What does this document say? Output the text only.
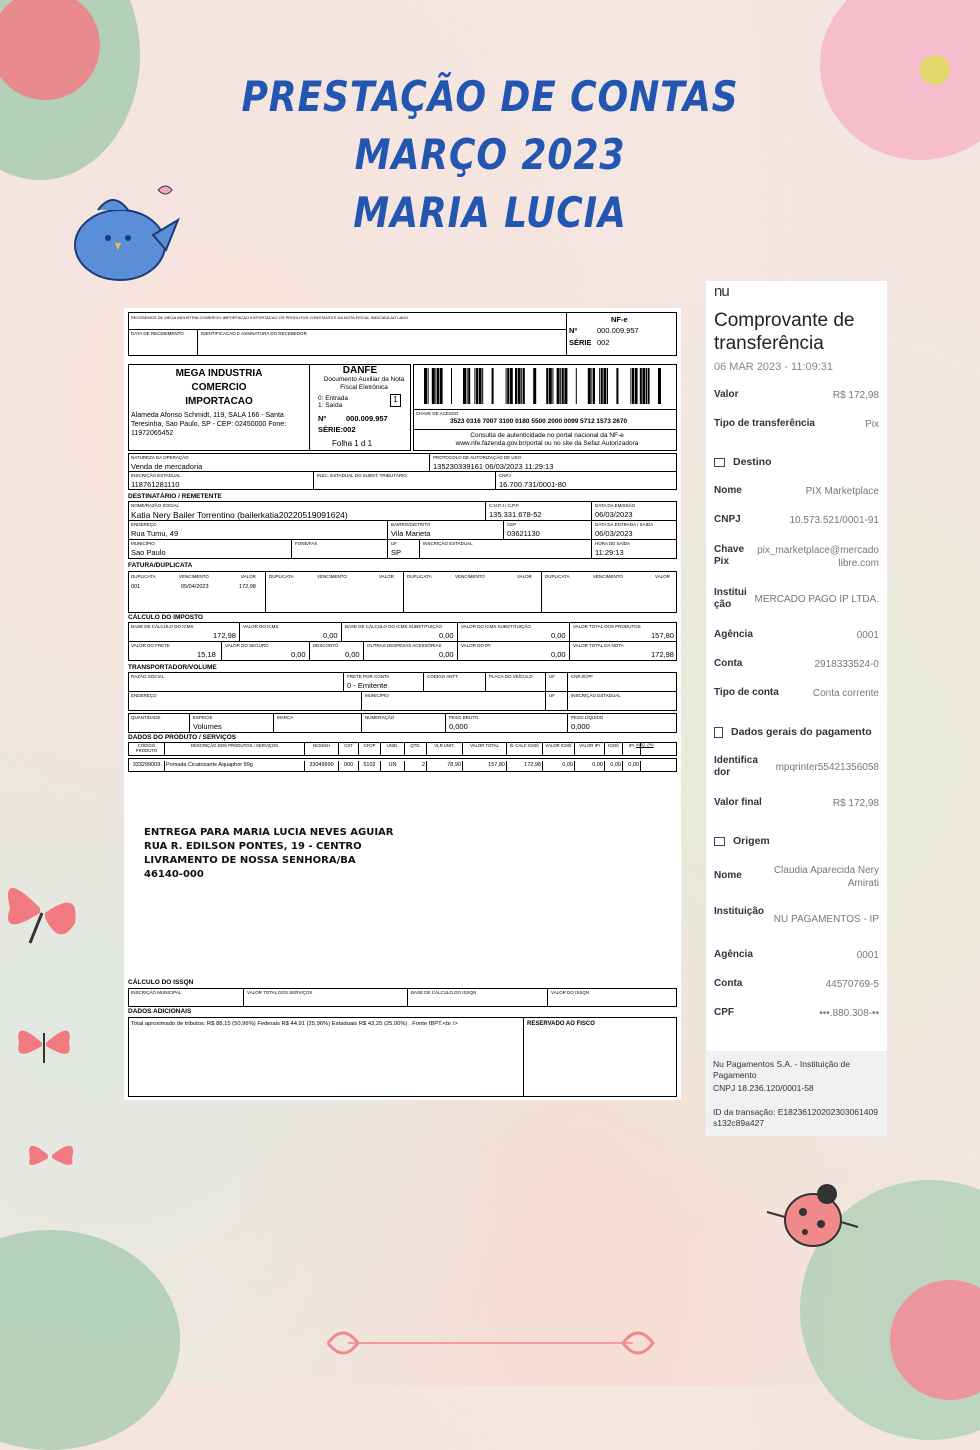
PRESTAÇÃO DE CONTAS
MARÇO 2023
MARIA LUCIA
RECEBEMOS DE MEGA INDUSTRIA COMERCIO IMPORTACAO EXPORTACAO OS PRODUTOS CONSTANTES DA NOTA FISCAL INDICADA AO LADO
DATA DE RECEBIMENTO	IDENTIFICACAO E ASSINATURA DO RECEBEDOR
NF-e
Nº	000.009.957
SÉRIE 002
MEGA INDUSTRIA COMERCIO IMPORTACAO
Alameda Afonso Schmidt, 119, SALA 166 - Santa Teresinha, Sao Paulo, SP - CEP: 02450000 Fone: 11972065452
DANFE
Documento Auxiliar da Nota Fiscal Eletrônica
0: Entrada
1: Saída
1
Nº	000.009.957
SÉRIE:002
Folha 1 d 1
CHAVE DE ACESSO
3523 0316 7007 3100 0180 5500 2000 0099 5712 1573 2670
Consulta de autenticidade no portal nacional da NF-e www.nfe.fazenda.gov.br/portal ou no site da Sefaz Autorizadora
NATUREZA DA OPERAÇÃO
Venda de mercadoria
PROTOCOLO DE AUTORIZAÇÃO DE USO
135230339161 06/03/2023 11:29:13
INSCRIÇÃO ESTADUAL
118761281110
INSC. ESTADUAL DO SUBST. TRIBUTÁRIO	CNPJ
16.700.731/0001-80
DESTINATÁRIO / REMETENTE
NOME/RAZÃO SOCIAL
Katia Nery Bailer Torrentino (bailerkatia20220519091624)
C.N.P.J / C.P.F.
135.331.678-52
DATA DA EMISSÃO
06/03/2023
ENDEREÇO
Rua Tumu, 49
BAIRRO/DISTRITO
Vila Marieta
CEP
03621130
DATA DA ENTRADA / SAÍDA
06/03/2023
MUNICÍPIO
Sao Paulo
FONE/FAX	UF
SP
INSCRIÇÃO ESTADUAL	HORA DE SAÍDA
11:29:13
FATURA/DUPLICATA
DUPLICATA	VENCIMENTO	VALOR	DUPLICATA	VENCIMENTO	VALOR	DUPLICATA	VENCIMENTO	VALOR	DUPLICATA	VENCIMENTO	VALOR
001	05/04/2023	172,98
CÁLCULO DO IMPOSTO
BASE DE CÁLCULO DO ICMS
172,98
VALOR DO ICMS
0,00
BASE DE CÁLCULO DO ICMS SUBSTITUIÇÃO
0,00
VALOR DO ICMS SUBSTITUIÇÃO
0,00
VALOR TOTAL DOS PRODUTOS
157,80
VALOR DO FRETE
15,18
VALOR DO SEGURO
0,00
DESCONTO
0,00
OUTRAS DESPESAS ACESSÓRIAS
0,00
VALOR DO IPI
0,00
VALOR TOTAL DA NOTA
172,98
TRANSPORTADOR/VOLUME
RAZÃO SOCIAL	FRETE POR CONTA
0 - Emitente
CÓDIGO ANTT	PLACA DO VEÍCULO	UF	CNPJ/CPF
ENDEREÇO	MUNICÍPIO	UF	INSCRIÇÃO ESTADUAL
QUANTIDADE	ESPECIE
Volumes
MARCA	NUMERAÇÃO	PESO BRUTO
0,000
PESO LÍQUIDO
0,000
DADOS DO PRODUTO / SERVIÇOS
CÓDIGO PRODUTO
DESCRIÇÃO DOS PRODUTOS / SERVIÇOS	NCM/SH	CST	CFOP	UNID.	QTD.	VLR UNIT.	VALOR TOTAL	B. CALC ICMS	VALOR ICMS	VALOR IPI	ICMS	IPI ALÍQ. (%)
333299009	Pomada Cicatrizante Aquaphor 99g	33049990	000	5102	UN	2	78,90	157,80	172,98	0,00	0,00	0,00	0,00
ENTREGA PARA MARIA LUCIA NEVES AGUIAR
RUA R. EDILSON PONTES, 19 - CENTRO
LIVRAMENTO DE NOSSA SENHORA/BA
46140-000
CÁLCULO DO ISSQN
INSCRIÇÃO MUNICIPAL	VALOR TOTAL DOS SERVIÇOS	BASE DE CÁLCULO DO ISSQN	VALOR DO ISSQN
DADOS ADICIONAIS
Total aproximado de tributos: R$ 88,15 (50,96%) Federais R$ 44,91 (25,96%) Estaduais R$ 43,25 (25,00%) . Fonte IBPT.<br />	RESERVADO AO FISCO
nu
Comprovante de transferência
06 MAR 2023 - 11:09:31
Valor	R$ 172,98
Tipo de transferência	Pix
Destino
Nome	PIX Marketplace
CNPJ	10.573.521/0001-91
Chave Pix
pix_marketplace@mercadolibre.com
Instituição	MERCADO PAGO IP LTDA.
Agência	0001
Conta	2918333524-0
Tipo de conta	Conta corrente
Dados gerais do pagamento
Identificador	mpqrinter55421356058
Valor final	R$ 172,98
Origem
Nome	Claudia Aparecida Nery Amirati
Instituição
NU PAGAMENTOS - IP
Agência	0001
Conta	44570769-5
CPF	•••.880.308-••
Nu Pagamentos S.A. - Instituição de Pagamento
CNPJ 18.236.120/0001-58
ID da transação: E18236120202303061409s132c89a427
